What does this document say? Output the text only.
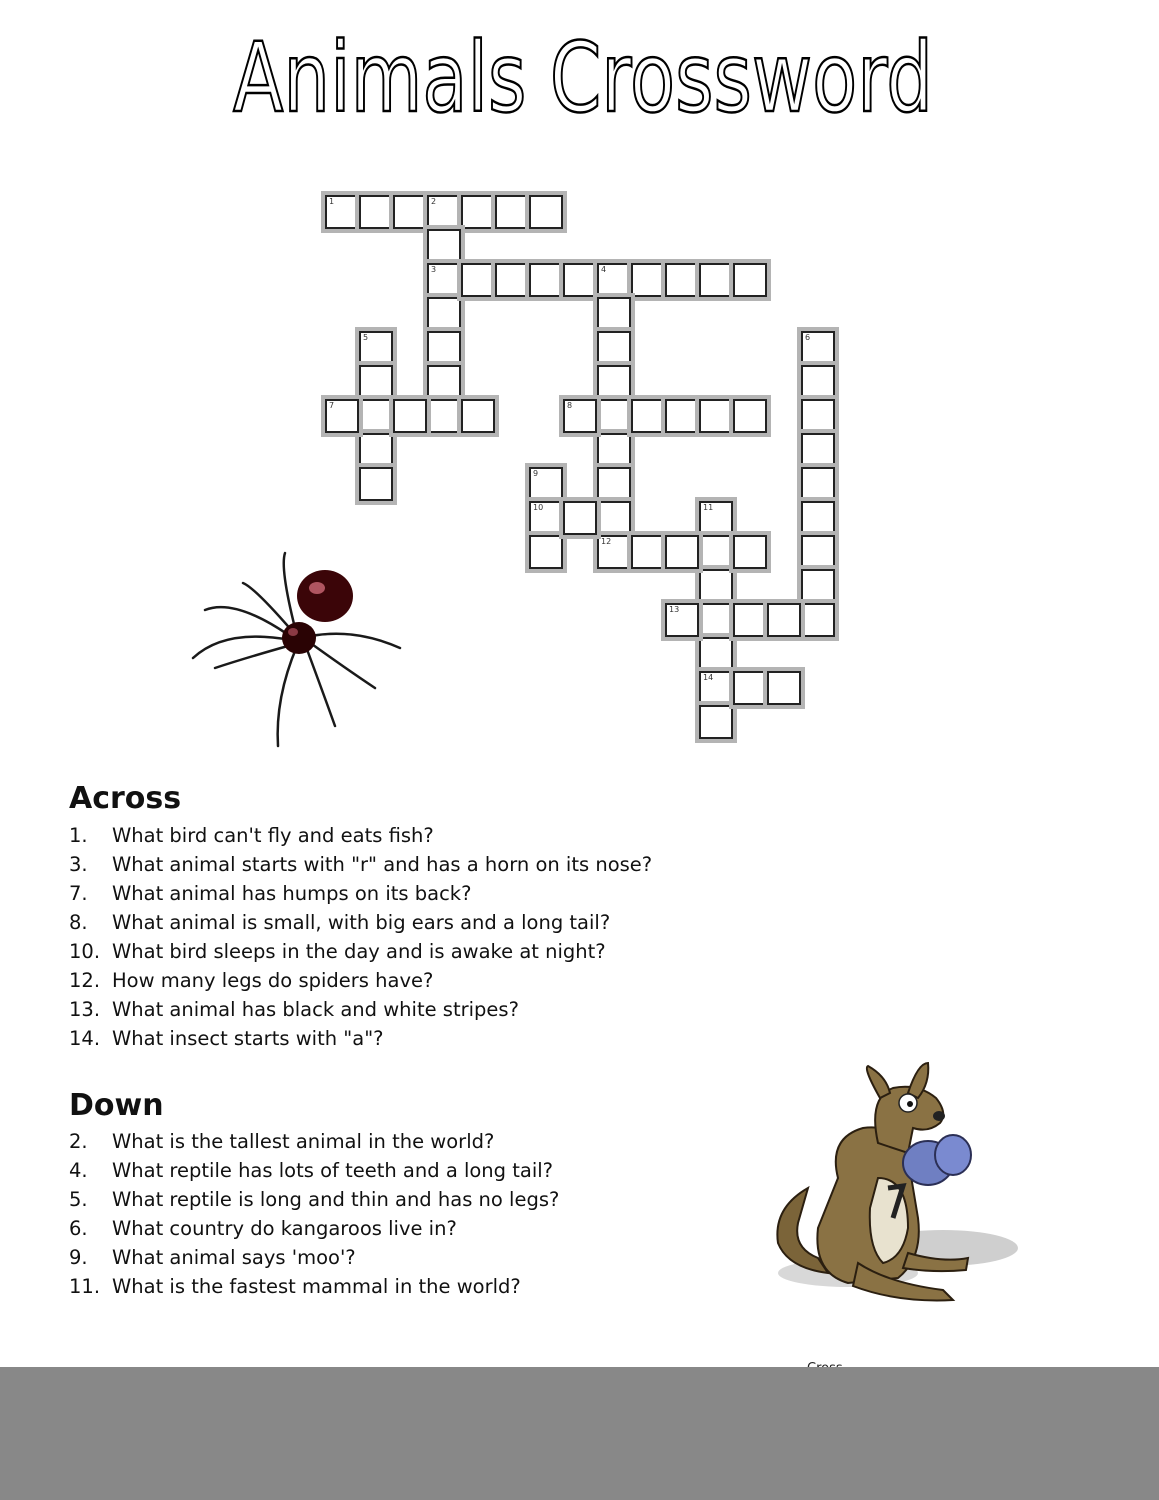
Animals Crossword
1	2
3	4
12
5	6
7	8
9
10	11
14
13
Across
1. What bird can't fly and eats fish?
3. What animal starts with "r" and has a horn on its nose?
7. What animal has humps on its back?
8. What animal is small, with big ears and a long tail?
10. What bird sleeps in the day and is awake at night?
12. How many legs do spiders have?
13. What animal has black and white stripes?
14. What insect starts with "a"?
Down
2. What is the tallest animal in the world?
4. What reptile has lots of teeth and a long tail?
5. What reptile is long and thin and has no legs?
6. What country do kangaroos live in?
9. What animal says 'moo'?
11. What is the fastest mammal in the world?
